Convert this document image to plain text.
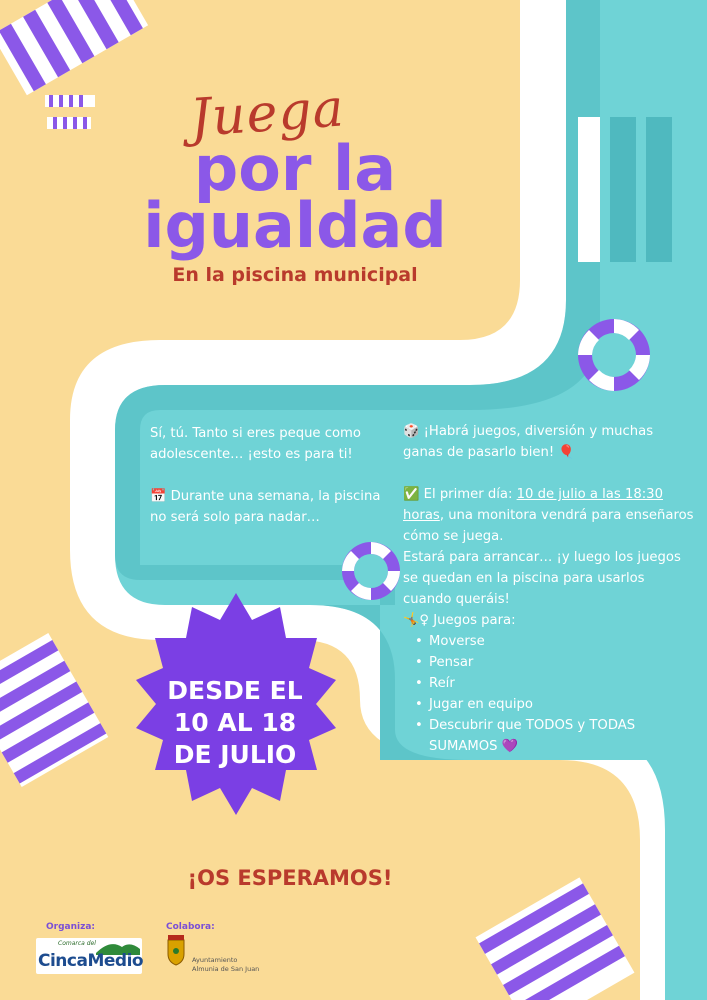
Juega
por la
igualdad
En la piscina municipal

Sí, tú. Tanto si eres peque como adolescente… ¡esto es para ti!

📅 Durante una semana, la piscina no será solo para nadar…

🎲 ¡Habrá juegos, diversión y muchas ganas de pasarlo bien! 🎈

✅ El primer día: 10 de julio a las 18:30 horas, una monitora vendrá para enseñaros cómo se juega.

Estará para arrancar… ¡y luego los juegos se quedan en la piscina para usarlos cuando queráis!

🤸♀ Juegos para:

• Moverse
• Pensar
• Reír
• Jugar en equipo
• Descubrir que TODOS y TODAS SUMAMOS 💜
DESDE EL
10 AL 18
DE JULIO
¡OS ESPERAMOS!
Organiza:
Comarca del
CincaMedio
Colabora:
Ayuntamiento
Almunia de San Juan
